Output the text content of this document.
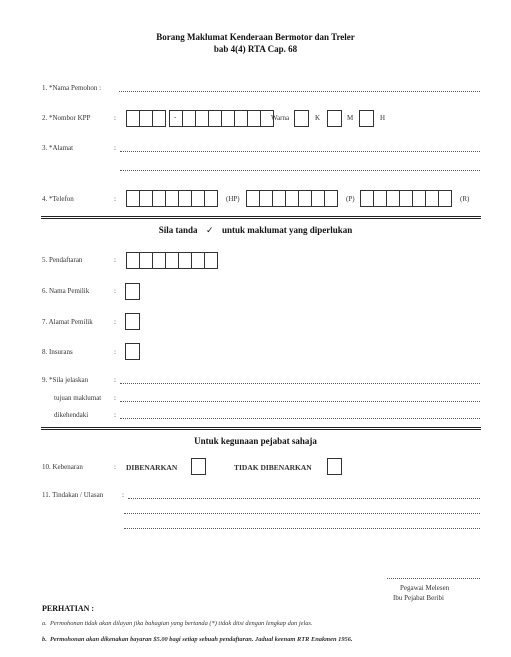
Borang Maklumat Kenderaan Bermotor dan Treler
bab 4(4) RTA Cap. 68
1. *Nama Pemohon :
2. *Nombor KPP	:	-	Warna	K	M	H
3. *Alamat	:
4. *Telefon	:	(HP)	(P)	(R)
Sila tanda ✓ untuk maklumat yang diperlukan
5. Pendaftaran	:
6. Nama Pemilik	:
7. Alamat Pemilik	:
8. Insurans	:
9. *Sila jelaskan	:
tujuan maklumat :
dikehendaki	:
Untuk kegunaan pejabat sahaja
10. Kebenaran	: DIBENARKAN	TIDAK DIBENARKAN
11. Tindakan / Ulasan	:
Pegawai Melesen
Ibu Pejabat Beribi
PERHATIAN :
a. Permohonan tidak akan dilayan jika bahagian yang bertanda (*) tidak diisi dengan lengkap dan jelas.
b. Permohonan akan dikenakan bayaran $5.00 bagi setiap sebuah pendaftaran. Jadual keenam RTR Enakmen 1956.
